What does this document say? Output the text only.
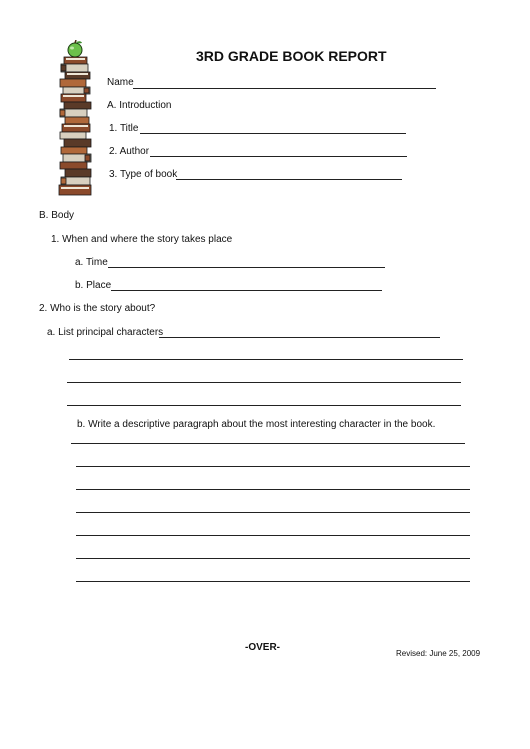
3RD GRADE BOOK REPORT
Name
A. Introduction
1. Title
2. Author
3. Type of book
B. Body
1. When and where the story takes place
a. Time
b. Place
2. Who is the story about?
a. List principal characters
b. Write a descriptive paragraph about the most interesting character in the book.
-OVER-
Revised: June 25, 2009
